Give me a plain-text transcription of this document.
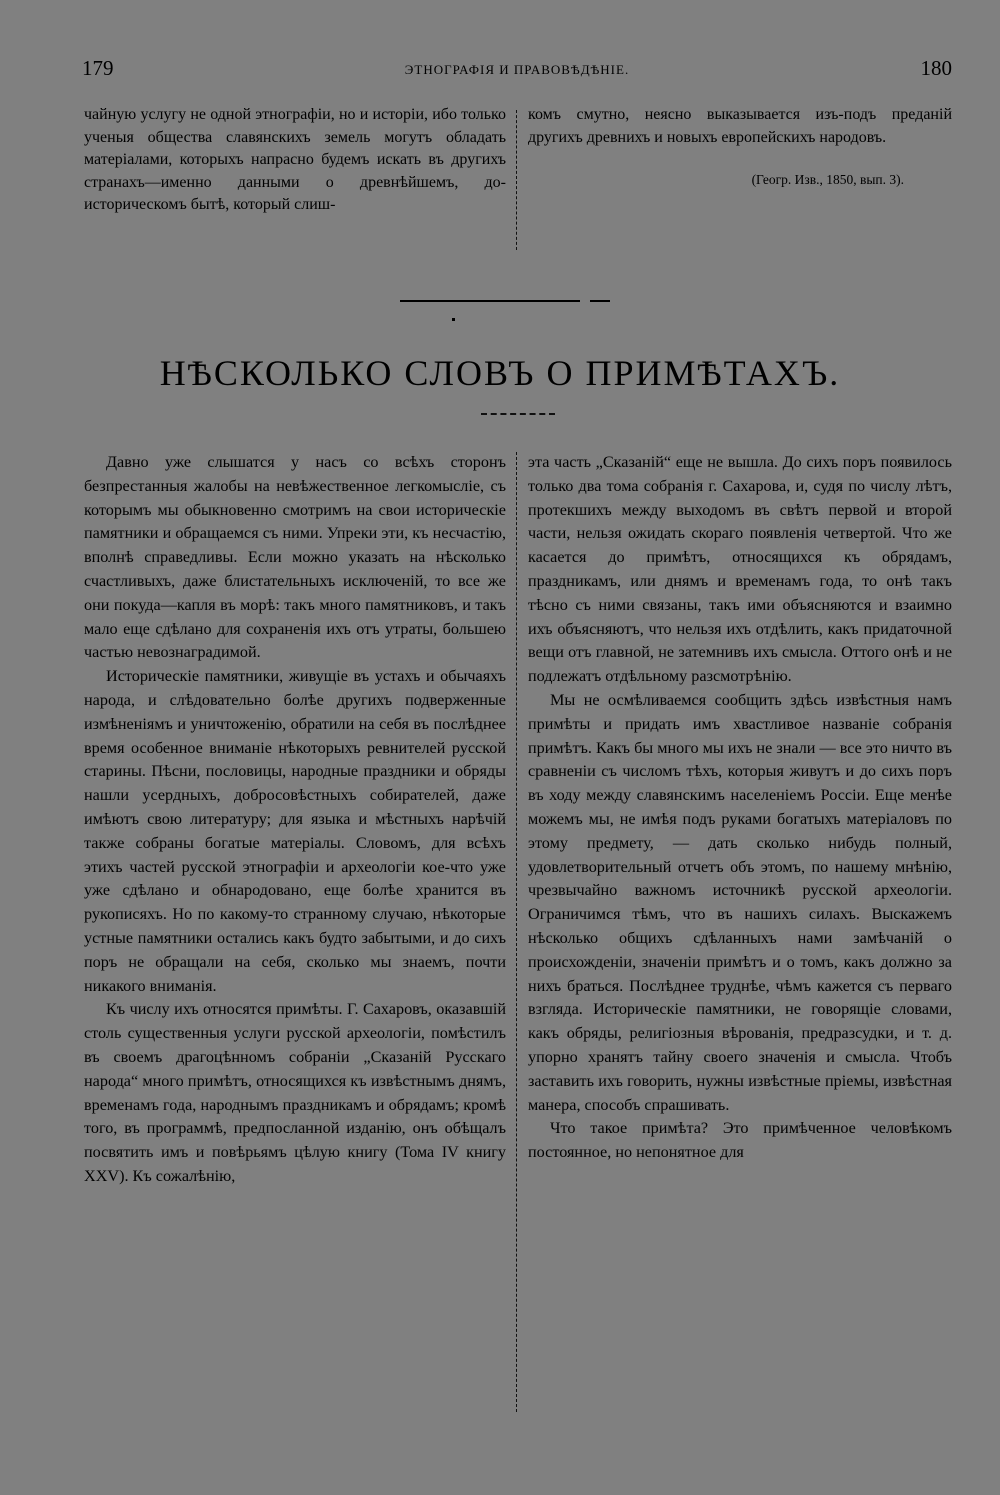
179	ЭТНОГРАФІЯ И ПРАВОВѢДѢНІЕ.	180

чайную услугу не одной этнографіи, но и исторіи, ибо только ученыя общества славянскихъ земель могутъ обладать матеріалами, которыхъ напрасно будемъ искать въ другихъ странахъ—именно данными о древнѣйшемъ, до-историческомъ бытѣ, который слиш-

комъ смутно, неясно выказывается изъ-подъ преданій другихъ древнихъ и новыхъ европейскихъ народовъ.

(Геогр. Изв., 1850, вып. 3).

НѢСКОЛЬКО СЛОВЪ О ПРИМѢТАХЪ.

Давно уже слышатся у насъ со всѣхъ сторонъ безпрестанныя жалобы на невѣжественное легкомысліе, съ которымъ мы обыкновенно смотримъ на свои историческіе памятники и обращаемся съ ними. Упреки эти, къ несчастію, вполнѣ справедливы. Если можно указать на нѣсколько счастливыхъ, даже блистательныхъ исключеній, то все же они покуда—капля въ морѣ: такъ много памятниковъ, и такъ мало еще сдѣлано для сохраненія ихъ отъ утраты, большею частью невознаградимой.

Историческіе памятники, живущіе въ устахъ и обычаяхъ народа, и слѣдовательно болѣе другихъ подверженные измѣненіямъ и уничтоженію, обратили на себя въ послѣднее время особенное вниманіе нѣкоторыхъ ревнителей русской старины. Пѣсни, пословицы, народные праздники и обряды нашли усердныхъ, добросовѣстныхъ собирателей, даже имѣютъ свою литературу; для языка и мѣстныхъ нарѣчій также собраны богатые матеріалы. Словомъ, для всѣхъ этихъ частей русской этнографіи и археологіи кое-что уже уже сдѣлано и обнародовано, еще болѣе хранится въ рукописяхъ. Но по какому-то странному случаю, нѣкоторые устные памятники остались какъ будто забытыми, и до сихъ поръ не обращали на себя, сколько мы знаемъ, почти никакого вниманія.

Къ числу ихъ относятся примѣты. Г. Сахаровъ, оказавшій столь существенныя услуги русской археологіи, помѣстилъ въ своемъ драгоцѣнномъ собраніи „Сказаній Русскаго народа“ много примѣтъ, относящихся къ извѣстнымъ днямъ, временамъ года, народнымъ праздникамъ и обрядамъ; кромѣ того, въ программѣ, предпосланной изданію, онъ обѣщалъ посвятить имъ и повѣрьямъ цѣлую книгу (Тома IV книгу XXV). Къ сожалѣнію,

эта часть „Сказаній“ еще не вышла. До сихъ поръ появилось только два тома собранія г. Сахарова, и, судя по числу лѣтъ, протекшихъ между выходомъ въ свѣтъ первой и второй части, нельзя ожидать скораго появленія четвертой. Что же касается до примѣтъ, относящихся къ обрядамъ, праздникамъ, или днямъ и временамъ года, то онѣ такъ тѣсно съ ними связаны, такъ ими объясняются и взаимно ихъ объясняютъ, что нельзя ихъ отдѣлить, какъ придаточной вещи отъ главной, не затемнивъ ихъ смысла. Оттого онѣ и не подлежатъ отдѣльному разсмотрѣнію.

Мы не осмѣливаемся сообщить здѣсь извѣстныя намъ примѣты и придать имъ хвастливое названіе собранія примѣтъ. Какъ бы много мы ихъ не знали — все это ничто въ сравненіи съ числомъ тѣхъ, которыя живутъ и до сихъ поръ въ ходу между славянскимъ населеніемъ Россіи. Еще менѣе можемъ мы, не имѣя подъ руками богатыхъ матеріаловъ по этому предмету, — дать сколько нибудь полный, удовлетворительный отчетъ объ этомъ, по нашему мнѣнію, чрезвычайно важномъ источникѣ русской археологіи. Ограничимся тѣмъ, что въ нашихъ силахъ. Выскажемъ нѣсколько общихъ сдѣланныхъ нами замѣчаній о происхожденіи, значеніи примѣтъ и о томъ, какъ должно за нихъ браться. Послѣднее труднѣе, чѣмъ кажется съ перваго взгляда. Историческіе памятники, не говорящіе словами, какъ обряды, религіозныя вѣрованія, предразсудки, и т. д. упорно хранятъ тайну своего значенія и смысла. Чтобъ заставить ихъ говорить, нужны извѣстные пріемы, извѣстная манера, способъ спрашивать.

Что такое примѣта? Это примѣченное человѣкомъ постоянное, но непонятное для
